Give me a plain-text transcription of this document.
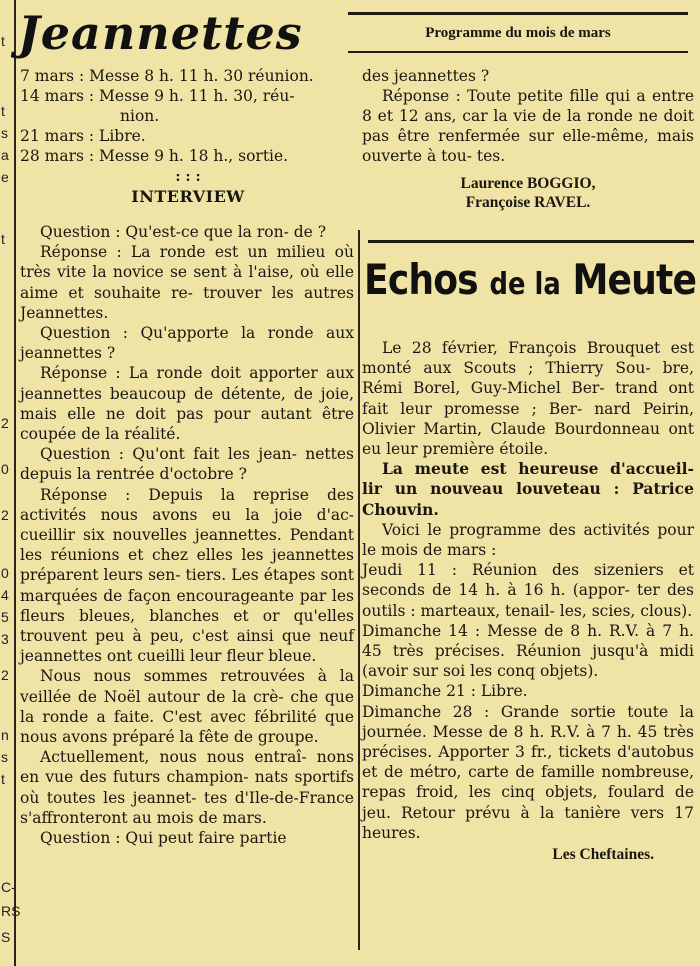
t
t
s
a
e
t
2
0
2
0
4
5
3
2
n
s
t
C-
RS
S
Jeannettes	Programme du mois de mars
7 mars : Messe 8 h. 11 h. 30 réunion.
14 mars : Messe 9 h. 11 h. 30, réu-
nion.
21 mars : Libre.
28 mars : Messe 9 h. 18 h., sortie.
: : :
INTERVIEW

Question : Qu'est-ce que la ron- de ?

Réponse : La ronde est un milieu où très vite la novice se sent à l'aise, où elle aime et souhaite re- trouver les autres Jeannettes.

Question : Qu'apporte la ronde aux jeannettes ?

Réponse : La ronde doit apporter aux jeannettes beaucoup de détente, de joie, mais elle ne doit pas pour autant être coupée de la réalité.

Question : Qu'ont fait les jean- nettes depuis la rentrée d'octobre ?

Réponse : Depuis la reprise des activités nous avons eu la joie d'ac- cueillir six nouvelles jeannettes. Pendant les réunions et chez elles les jeannettes préparent leurs sen- tiers. Les étapes sont marquées de façon encourageante par les fleurs bleues, blanches et or qu'elles trouvent peu à peu, c'est ainsi que neuf jeannettes ont cueilli leur fleur bleue.

Nous nous sommes retrouvées à la veillée de Noël autour de la crè- che que la ronde a faite. C'est avec fébrilité que nous avons préparé la fête de groupe.

Actuellement, nous nous entraî- nons en vue des futurs champion- nats sportifs où toutes les jeannet- tes d'Ile-de-France s'affronteront au mois de mars.

Question : Qui peut faire partie

des jeannettes ?

Réponse : Toute petite fille qui a entre 8 et 12 ans, car la vie de la ronde ne doit pas être renfermée sur elle-même, mais ouverte à tou- tes.

Laurence BOGGIO,
Françoise RAVEL.
Echos de la Meute

Le 28 février, François Brouquet est monté aux Scouts ; Thierry Sou- bre, Rémi Borel, Guy-Michel Ber- trand ont fait leur promesse ; Ber- nard Peirin, Olivier Martin, Claude Bourdonneau ont eu leur première étoile.

La meute est heureuse d'accueil- lir un nouveau louveteau : Patrice Chouvin.

Voici le programme des activités pour le mois de mars :

Jeudi 11 : Réunion des sizeniers et seconds de 14 h. à 16 h. (appor- ter des outils : marteaux, tenail- les, scies, clous).
Dimanche 14 : Messe de 8 h. R.V. à 7 h. 45 très précises. Réunion jusqu'à midi (avoir sur soi les conq objets).
Dimanche 21 : Libre.
Dimanche 28 : Grande sortie toute la journée. Messe de 8 h. R.V. à 7 h. 45 très précises. Apporter 3 fr., tickets d'autobus et de métro, carte de famille nombreuse, repas froid, les cinq objets, foulard de jeu. Retour prévu à la tanière vers 17 heures.
Les Cheftaines.
